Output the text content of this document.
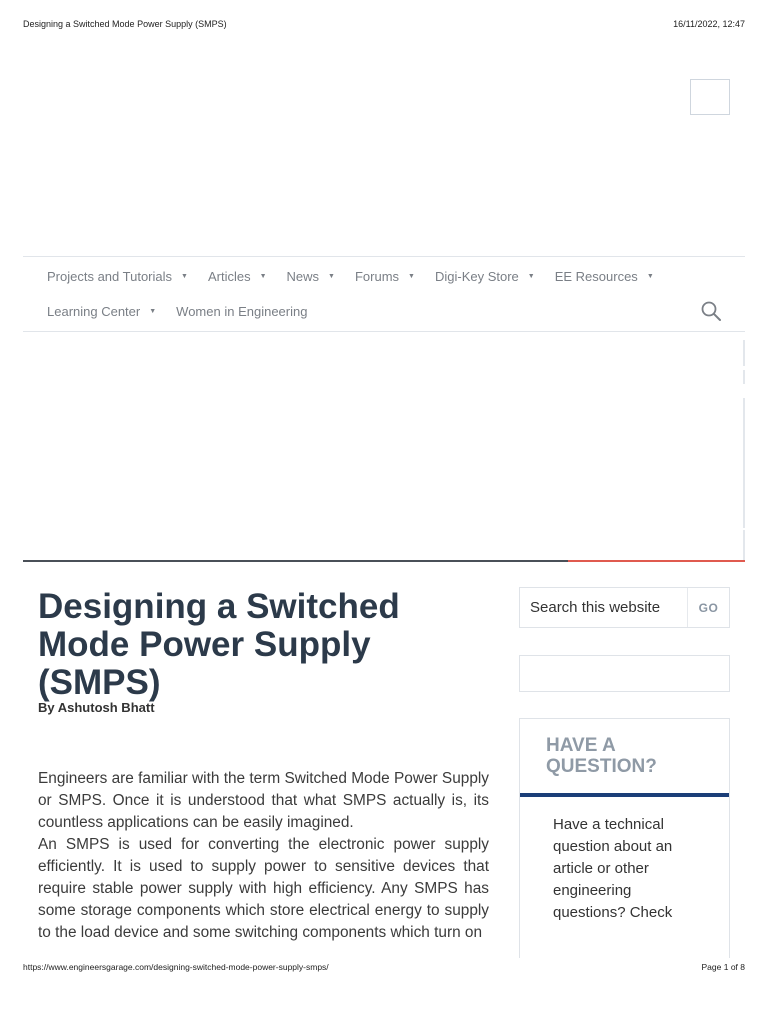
Designing a Switched Mode Power Supply (SMPS)	16/11/2022, 12:47
Projects and Tutorials ▼ Articles ▼ News ▼ Forums ▼ Digi-Key Store ▼ EE Resources ▼
Learning Center ▼ Women in Engineering
Designing a Switched Mode Power Supply (SMPS)
By Ashutosh Bhatt

Engineers are familiar with the term Switched Mode Power Supply or SMPS. Once it is understood that what SMPS actually is, its countless applications can be easily imagined.

An SMPS is used for converting the electronic power supply efficiently. It is used to supply power to sensitive devices that require stable power supply with high efficiency. Any SMPS has some storage components which store electrical energy to supply to the load device and some switching components which turn on

Search this website
GO
HAVE A QUESTION?
Have a technical question about an article or other engineering questions? Check
https://www.engineersgarage.com/designing-switched-mode-power-supply-smps/	Page 1 of 8
